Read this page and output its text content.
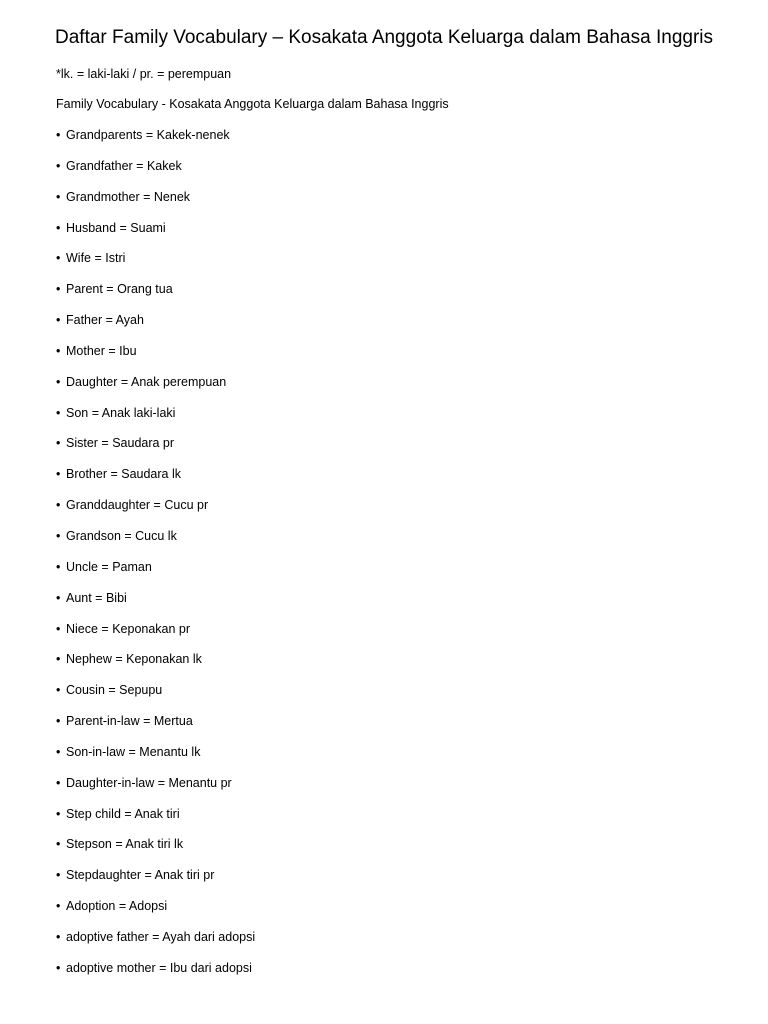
Daftar Family Vocabulary – Kosakata Anggota Keluarga dalam Bahasa Inggris
*lk. = laki-laki / pr. = perempuan
Family Vocabulary - Kosakata Anggota Keluarga dalam Bahasa Inggris
• Grandparents = Kakek-nenek
• Grandfather = Kakek
• Grandmother = Nenek
• Husband = Suami
• Wife = Istri
• Parent = Orang tua
• Father = Ayah
• Mother = Ibu
• Daughter = Anak perempuan
• Son = Anak laki-laki
• Sister = Saudara pr
• Brother = Saudara lk
• Granddaughter = Cucu pr
• Grandson = Cucu lk
• Uncle = Paman
• Aunt = Bibi
• Niece = Keponakan pr
• Nephew = Keponakan lk
• Cousin = Sepupu
• Parent-in-law = Mertua
• Son-in-law = Menantu lk
• Daughter-in-law = Menantu pr
• Step child = Anak tiri
• Stepson = Anak tiri lk
• Stepdaughter = Anak tiri pr
• Adoption = Adopsi
• adoptive father = Ayah dari adopsi
• adoptive mother = Ibu dari adopsi
